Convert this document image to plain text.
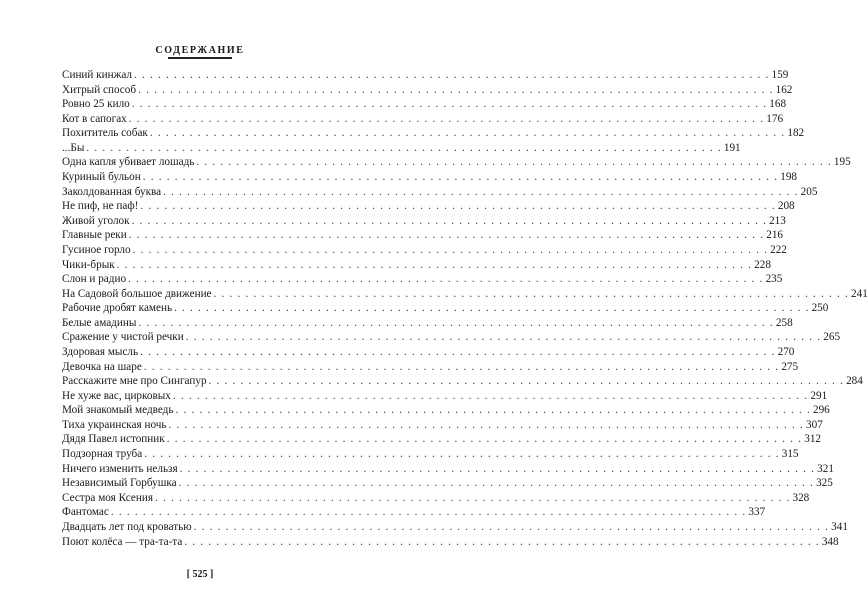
СОДЕРЖАНИЕ
Синий кинжал . . . . . . . . . . . . . . . . . . . . . . . . . . . . . . . . . . . . . . . . . . . . . . . . . . . . . . . . . . . . . . . . . . . . . . . . . . . . . . . . 159
Хитрый способ . . . . . . . . . . . . . . . . . . . . . . . . . . . . . . . . . . . . . . . . . . . . . . . . . . . . . . . . . . . . . . . . . . . . . . . . . . . . . . . . 162
Ровно 25 кило . . . . . . . . . . . . . . . . . . . . . . . . . . . . . . . . . . . . . . . . . . . . . . . . . . . . . . . . . . . . . . . . . . . . . . . . . . . . . . . . 168
Кот в сапогах . . . . . . . . . . . . . . . . . . . . . . . . . . . . . . . . . . . . . . . . . . . . . . . . . . . . . . . . . . . . . . . . . . . . . . . . . . . . . . . . 176
Похититель собак . . . . . . . . . . . . . . . . . . . . . . . . . . . . . . . . . . . . . . . . . . . . . . . . . . . . . . . . . . . . . . . . . . . . . . . . . . . . . . . . 182
...Бы . . . . . . . . . . . . . . . . . . . . . . . . . . . . . . . . . . . . . . . . . . . . . . . . . . . . . . . . . . . . . . . . . . . . . . . . . . . . . . . . 191
Одна капля убивает лошадь . . . . . . . . . . . . . . . . . . . . . . . . . . . . . . . . . . . . . . . . . . . . . . . . . . . . . . . . . . . . . . . . . . . . . . . . . . . . . . . . 195
Куриный бульон . . . . . . . . . . . . . . . . . . . . . . . . . . . . . . . . . . . . . . . . . . . . . . . . . . . . . . . . . . . . . . . . . . . . . . . . . . . . . . . . 198
Заколдованная буква . . . . . . . . . . . . . . . . . . . . . . . . . . . . . . . . . . . . . . . . . . . . . . . . . . . . . . . . . . . . . . . . . . . . . . . . . . . . . . . . 205
Не пиф, не паф! . . . . . . . . . . . . . . . . . . . . . . . . . . . . . . . . . . . . . . . . . . . . . . . . . . . . . . . . . . . . . . . . . . . . . . . . . . . . . . . . 208
Живой уголок . . . . . . . . . . . . . . . . . . . . . . . . . . . . . . . . . . . . . . . . . . . . . . . . . . . . . . . . . . . . . . . . . . . . . . . . . . . . . . . . 213
Главные реки . . . . . . . . . . . . . . . . . . . . . . . . . . . . . . . . . . . . . . . . . . . . . . . . . . . . . . . . . . . . . . . . . . . . . . . . . . . . . . . . 216
Гусиное горло . . . . . . . . . . . . . . . . . . . . . . . . . . . . . . . . . . . . . . . . . . . . . . . . . . . . . . . . . . . . . . . . . . . . . . . . . . . . . . . . 222
Чики-брык . . . . . . . . . . . . . . . . . . . . . . . . . . . . . . . . . . . . . . . . . . . . . . . . . . . . . . . . . . . . . . . . . . . . . . . . . . . . . . . . 228
Слон и радио . . . . . . . . . . . . . . . . . . . . . . . . . . . . . . . . . . . . . . . . . . . . . . . . . . . . . . . . . . . . . . . . . . . . . . . . . . . . . . . . 235
На Садовой большое движение . . . . . . . . . . . . . . . . . . . . . . . . . . . . . . . . . . . . . . . . . . . . . . . . . . . . . . . . . . . . . . . . . . . . . . . . . . . . . . . . 241
Рабочие дробят камень . . . . . . . . . . . . . . . . . . . . . . . . . . . . . . . . . . . . . . . . . . . . . . . . . . . . . . . . . . . . . . . . . . . . . . . . . . . . . . . . 250
Белые амадины . . . . . . . . . . . . . . . . . . . . . . . . . . . . . . . . . . . . . . . . . . . . . . . . . . . . . . . . . . . . . . . . . . . . . . . . . . . . . . . . 258
Сражение у чистой речки . . . . . . . . . . . . . . . . . . . . . . . . . . . . . . . . . . . . . . . . . . . . . . . . . . . . . . . . . . . . . . . . . . . . . . . . . . . . . . . . 265
Здоровая мысль . . . . . . . . . . . . . . . . . . . . . . . . . . . . . . . . . . . . . . . . . . . . . . . . . . . . . . . . . . . . . . . . . . . . . . . . . . . . . . . . 270
Девочка на шаре . . . . . . . . . . . . . . . . . . . . . . . . . . . . . . . . . . . . . . . . . . . . . . . . . . . . . . . . . . . . . . . . . . . . . . . . . . . . . . . . 275
Расскажите мне про Сингапур . . . . . . . . . . . . . . . . . . . . . . . . . . . . . . . . . . . . . . . . . . . . . . . . . . . . . . . . . . . . . . . . . . . . . . . . . . . . . . . . 284
Не хуже вас, цирковых . . . . . . . . . . . . . . . . . . . . . . . . . . . . . . . . . . . . . . . . . . . . . . . . . . . . . . . . . . . . . . . . . . . . . . . . . . . . . . . . 291
Мой знакомый медведь . . . . . . . . . . . . . . . . . . . . . . . . . . . . . . . . . . . . . . . . . . . . . . . . . . . . . . . . . . . . . . . . . . . . . . . . . . . . . . . . 296
Тиха украинская ночь . . . . . . . . . . . . . . . . . . . . . . . . . . . . . . . . . . . . . . . . . . . . . . . . . . . . . . . . . . . . . . . . . . . . . . . . . . . . . . . . 307
Дядя Павел истопник . . . . . . . . . . . . . . . . . . . . . . . . . . . . . . . . . . . . . . . . . . . . . . . . . . . . . . . . . . . . . . . . . . . . . . . . . . . . . . . . 312
Подзорная труба . . . . . . . . . . . . . . . . . . . . . . . . . . . . . . . . . . . . . . . . . . . . . . . . . . . . . . . . . . . . . . . . . . . . . . . . . . . . . . . . 315
Ничего изменить нельзя . . . . . . . . . . . . . . . . . . . . . . . . . . . . . . . . . . . . . . . . . . . . . . . . . . . . . . . . . . . . . . . . . . . . . . . . . . . . . . . . 321
Независимый Горбушка . . . . . . . . . . . . . . . . . . . . . . . . . . . . . . . . . . . . . . . . . . . . . . . . . . . . . . . . . . . . . . . . . . . . . . . . . . . . . . . . 325
Сестра моя Ксения . . . . . . . . . . . . . . . . . . . . . . . . . . . . . . . . . . . . . . . . . . . . . . . . . . . . . . . . . . . . . . . . . . . . . . . . . . . . . . . . 328
Фантомас . . . . . . . . . . . . . . . . . . . . . . . . . . . . . . . . . . . . . . . . . . . . . . . . . . . . . . . . . . . . . . . . . . . . . . . . . . . . . . . . 337
Двадцать лет под кроватью . . . . . . . . . . . . . . . . . . . . . . . . . . . . . . . . . . . . . . . . . . . . . . . . . . . . . . . . . . . . . . . . . . . . . . . . . . . . . . . . 341
Поют колёса — тра-та-та . . . . . . . . . . . . . . . . . . . . . . . . . . . . . . . . . . . . . . . . . . . . . . . . . . . . . . . . . . . . . . . . . . . . . . . . . . . . . . . . 348
[ 525 ]
